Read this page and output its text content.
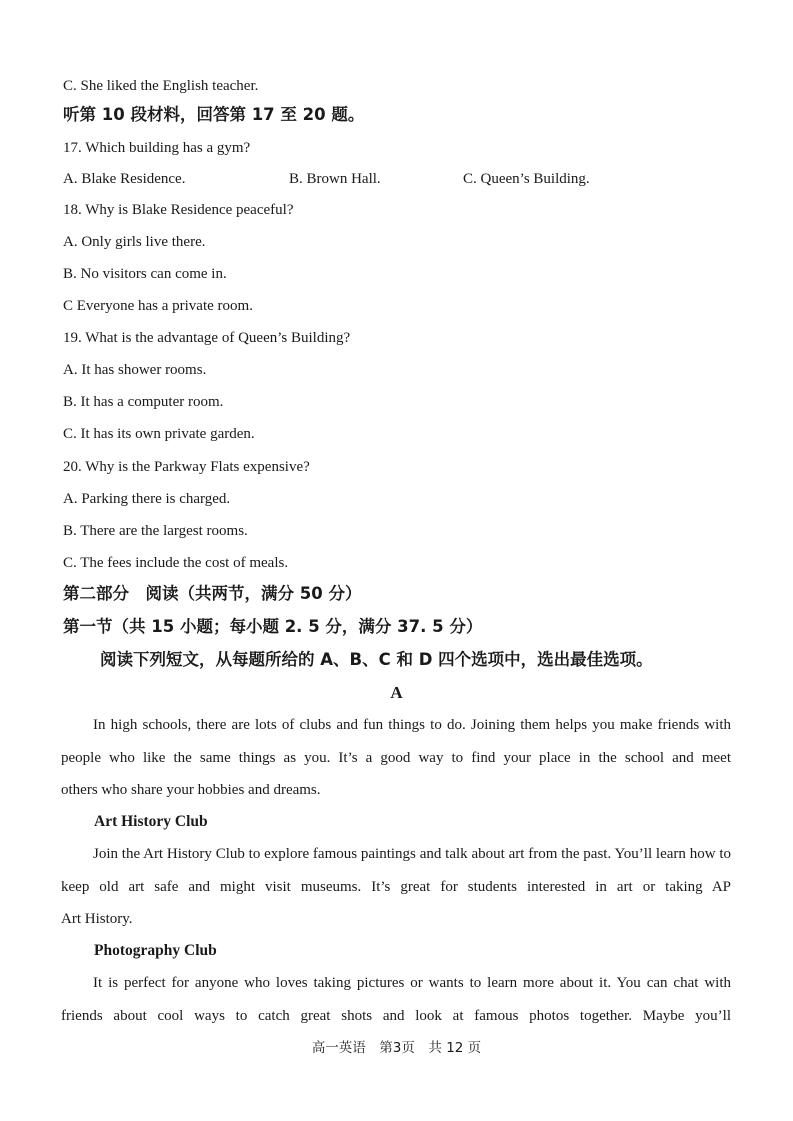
C. She liked the English teacher.
听第 10 段材料，回答第 17 至 20 题。
17. Which building has a gym?
A. Blake Residence.	B. Brown Hall.	C. Queen’s Building.
18. Why is Blake Residence peaceful?
A. Only girls live there.
B. No visitors can come in.
C Everyone has a private room.
19. What is the advantage of Queen’s Building?
A. It has shower rooms.
B. It has a computer room.
C. It has its own private garden.
20. Why is the Parkway Flats expensive?
A. Parking there is charged.
B. There are the largest rooms.
C. The fees include the cost of meals.
第二部分　阅读（共两节，满分 50 分）
第一节（共 15 小题；每小题 2. 5 分，满分 37. 5 分）
阅读下列短文，从每题所给的 A、B、C 和 D 四个选项中，选出最佳选项。
A
In high schools, there are lots of clubs and fun things to do. Joining them helps you make friends with people who like the same things as you. It’s a good way to find your place in the school and meet
others who share your hobbies and dreams.
Art History Club
Join the Art History Club to explore famous paintings and talk about art from the past. You’ll learn how to keep old art safe and might visit museums. It’s great for students interested in art or taking AP
Art History.
Photography Club
It is perfect for anyone who loves taking pictures or wants to learn more about it. You can chat with friends about cool ways to catch great shots and look at famous photos together. Maybe you’ll
高一英语　第3页　共 12 页
